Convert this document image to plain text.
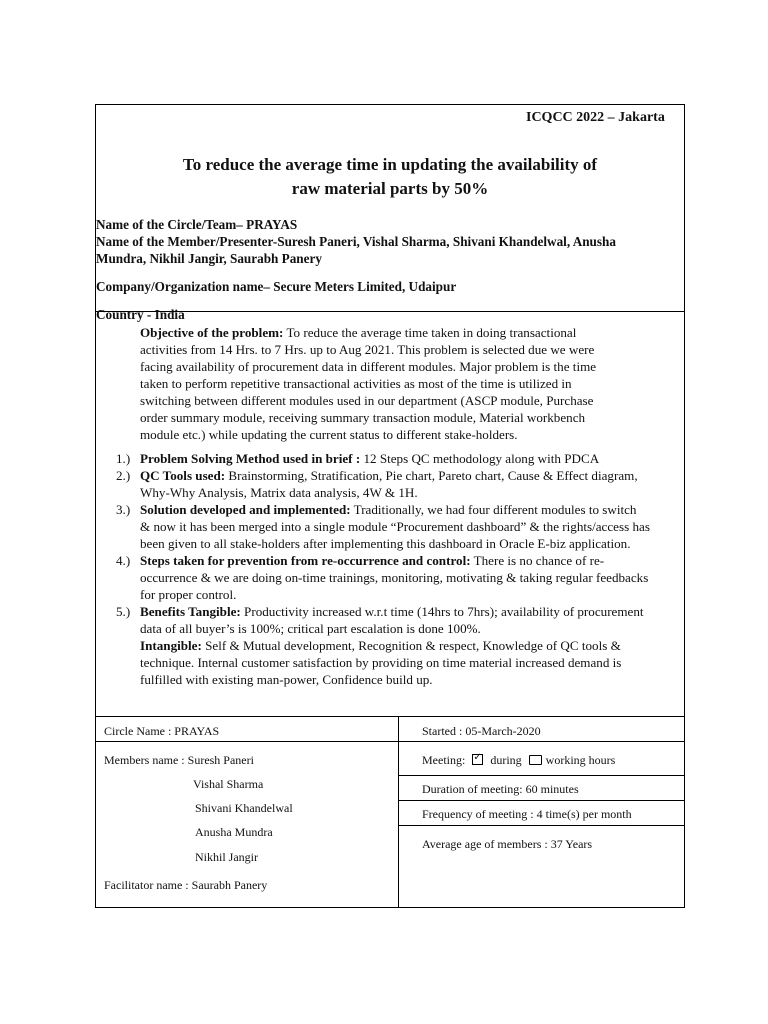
ICQCC 2022 – Jakarta
To reduce the average time in updating the availability of
raw material parts by 50%
Name of the Circle/Team– PRAYAS
Name of the Member/Presenter-Suresh Paneri, Vishal Sharma, Shivani Khandelwal, Anusha
Mundra, Nikhil Jangir, Saurabh Panery
Company/Organization name– Secure Meters Limited, Udaipur
Country - India
Objective of the problem: To reduce the average time taken in doing transactional
activities from 14 Hrs. to 7 Hrs. up to Aug 2021. This problem is selected due we were
facing availability of procurement data in different modules. Major problem is the time
taken to perform repetitive transactional activities as most of the time is utilized in
switching between different modules used in our department (ASCP module, Purchase
order summary module, receiving summary transaction module, Material workbench
module etc.) while updating the current status to different stake-holders.
1.) Problem Solving Method used in brief : 12 Steps QC methodology along with PDCA
2.) QC Tools used: Brainstorming, Stratification, Pie chart, Pareto chart, Cause & Effect diagram,
Why-Why Analysis, Matrix data analysis, 4W & 1H.
3.) Solution developed and implemented: Traditionally, we had four different modules to switch
& now it has been merged into a single module “Procurement dashboard” & the rights/access has
been given to all stake-holders after implementing this dashboard in Oracle E-biz application.
4.) Steps taken for prevention from re-occurrence and control: There is no chance of re-
occurrence & we are doing on-time trainings, monitoring, motivating & taking regular feedbacks
for proper control.
5.) Benefits Tangible: Productivity increased w.r.t time (14hrs to 7hrs); availability of procurement
data of all buyer’s is 100%; critical part escalation is done 100%.
Intangible: Self & Mutual development, Recognition & respect, Knowledge of QC tools &
technique. Internal customer satisfaction by providing on time material increased demand is
fulfilled with existing man-power, Confidence build up.
Circle Name : PRAYAS	Started : 05-March-2020
Members name : Suresh Paneri
Vishal Sharma
Shivani Khandelwal
Anusha Mundra
Nikhil Jangir
Facilitator name : Saurabh Panery
Meeting: ✓ during working hours
Duration of meeting: 60 minutes
Frequency of meeting : 4 time(s) per month
Average age of members : 37 Years
